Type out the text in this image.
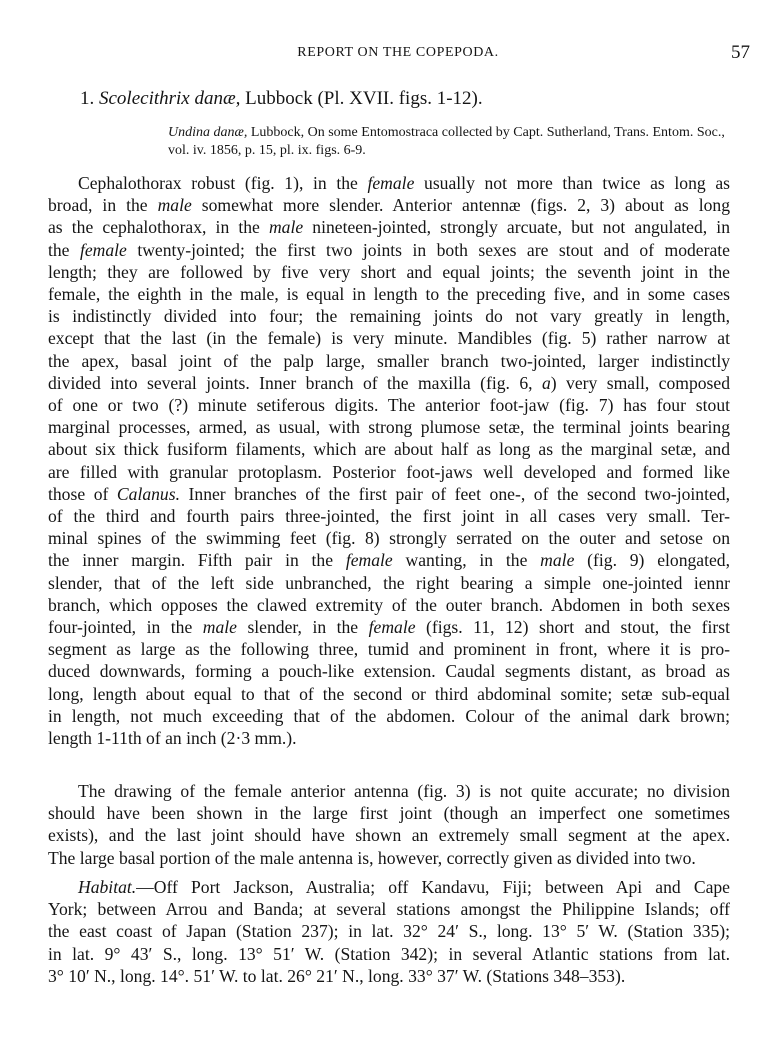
REPORT ON THE COPEPODA.	57
1. Scolecithrix danæ, Lubbock (Pl. XVII. figs. 1-12).
Undina danæ, Lubbock, On some Entomostraca collected by Capt. Sutherland, Trans. Entom. Soc.,
vol. iv. 1856, p. 15, pl. ix. figs. 6-9.
Cephalothorax robust (fig. 1), in the female usually not more than twice as long as
broad, in the male somewhat more slender. Anterior antennæ (figs. 2, 3) about as long
as the cephalothorax, in the male nineteen-jointed, strongly arcuate, but not angulated, in
the female twenty-jointed; the first two joints in both sexes are stout and of moderate
length; they are followed by five very short and equal joints; the seventh joint in the
female, the eighth in the male, is equal in length to the preceding five, and in some cases
is indistinctly divided into four; the remaining joints do not vary greatly in length,
except that the last (in the female) is very minute. Mandibles (fig. 5) rather narrow at
the apex, basal joint of the palp large, smaller branch two-jointed, larger indistinctly
divided into several joints. Inner branch of the maxilla (fig. 6, a) very small, composed
of one or two (?) minute setiferous digits. The anterior foot-jaw (fig. 7) has four stout
marginal processes, armed, as usual, with strong plumose setæ, the terminal joints bearing
about six thick fusiform filaments, which are about half as long as the marginal setæ, and
are filled with granular protoplasm. Posterior foot-jaws well developed and formed like
those of Calanus. Inner branches of the first pair of feet one-, of the second two-jointed,
of the third and fourth pairs three-jointed, the first joint in all cases very small. Ter-
minal spines of the swimming feet (fig. 8) strongly serrated on the outer and setose on
the inner margin. Fifth pair in the female wanting, in the male (fig. 9) elongated,
slender, that of the left side unbranched, the right bearing a simple one-jointed iennr
branch, which opposes the clawed extremity of the outer branch. Abdomen in both sexes
four-jointed, in the male slender, in the female (figs. 11, 12) short and stout, the first
segment as large as the following three, tumid and prominent in front, where it is pro-
duced downwards, forming a pouch-like extension. Caudal segments distant, as broad as
long, length about equal to that of the second or third abdominal somite; setæ sub-equal
in length, not much exceeding that of the abdomen. Colour of the animal dark brown;
length 1-11th of an inch (2·3 mm.).
The drawing of the female anterior antenna (fig. 3) is not quite accurate; no division
should have been shown in the large first joint (though an imperfect one sometimes
exists), and the last joint should have shown an extremely small segment at the apex.
The large basal portion of the male antenna is, however, correctly given as divided into two.
Habitat.—Off Port Jackson, Australia; off Kandavu, Fiji; between Api and Cape
York; between Arrou and Banda; at several stations amongst the Philippine Islands; off
the east coast of Japan (Station 237); in lat. 32° 24′ S., long. 13° 5′ W. (Station 335);
in lat. 9° 43′ S., long. 13° 51′ W. (Station 342); in several Atlantic stations from lat.
3° 10′ N., long. 14°. 51′ W. to lat. 26° 21′ N., long. 33° 37′ W. (Stations 348–353).
